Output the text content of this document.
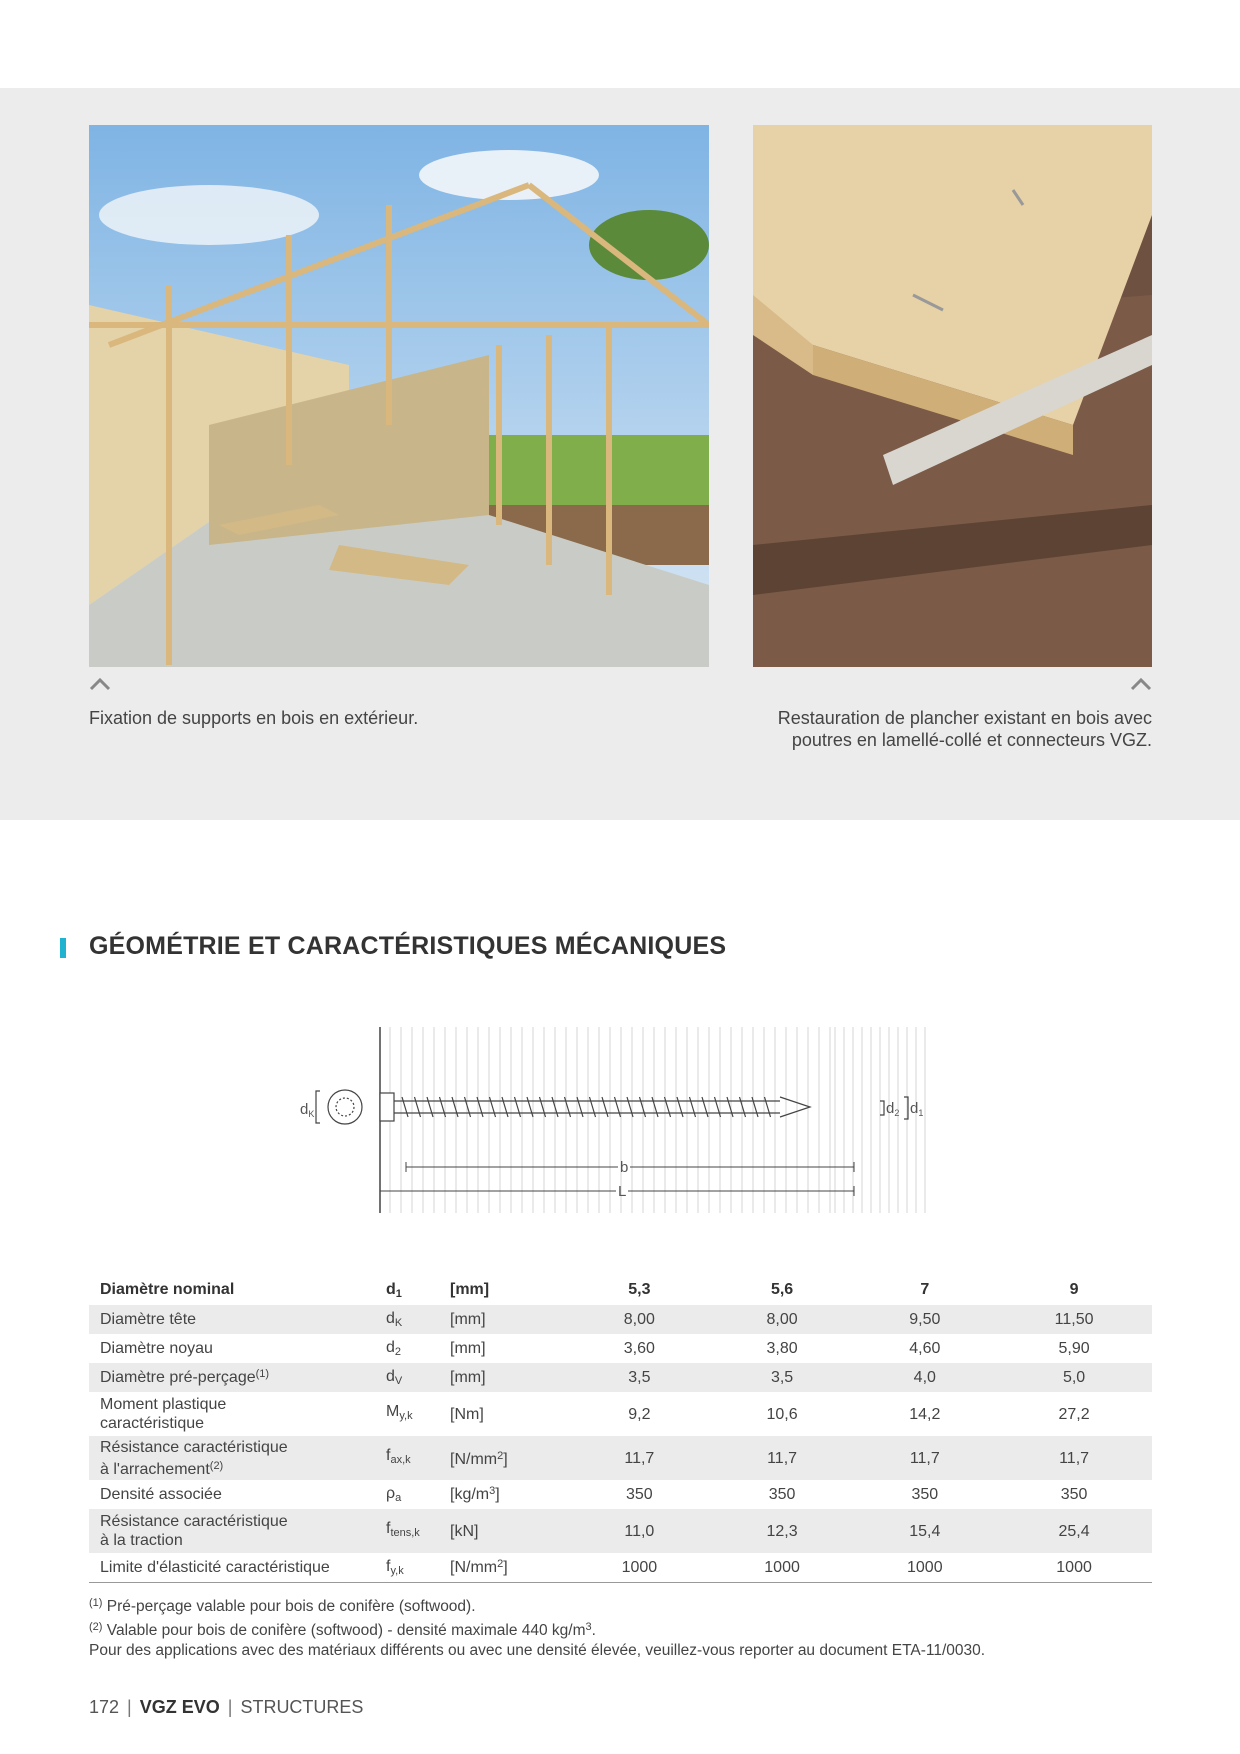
Fixation de supports en bois en extérieur.	Restauration de plancher existant en bois avec
poutres en lamellé-collé et connecteurs VGZ.
GÉOMÉTRIE ET CARACTÉRISTIQUES MÉCANIQUES
$d_K$	$d_2$ $d_1$
b
L
Diamètre nominal	$d_1$	[mm]	5,3	5,6	7	9
Diamètre tête	$d_K$	[mm]	8,00	8,00	9,50	11,50
Diamètre noyau	$d_2$	[mm]	3,60	3,80	4,60	5,90
Diamètre pré-perçage$^{(1)}$	$d_V$	[mm]	3,5	3,5	4,0	5,0
Moment plastique
caractéristique	$M_{y,k}$	[Nm]	9,2	10,6	14,2	27,2
Résistance caractéristique
à l'arrachement$^{(2)}$	$f_{ax,k}$	$[N/mm^2]$	11,7	11,7	11,7	11,7
Densité associée	$\rho_a$	$[kg/m^3]$	350	350	350	350
Résistance caractéristique
à la traction	$f_{tens,k}$	[kN]	11,0	12,3	15,4	25,4
Limite d'élasticité caractéristique	$f_{y,k}$	$[N/mm^2]$	1000	1000	1000	1000

$^{(1)}$ Pré-perçage valable pour bois de conifère (softwood).

$^{(2)}$ Valable pour bois de conifère (softwood) - densité maximale 440 $kg/m^3$.

Pour des applications avec des matériaux différents ou avec une densité élevée, veuillez-vous reporter au document ETA-11/0030.

172 | VGZ EVO | STRUCTURES
